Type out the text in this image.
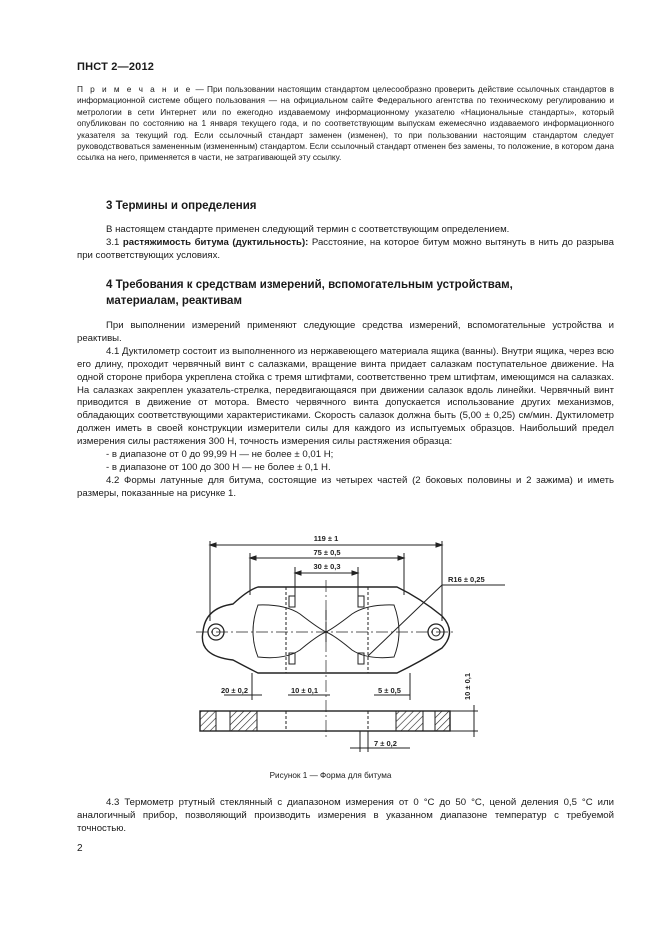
ПНСТ 2—2012
П р и м е ч а н и е — При пользовании настоящим стандартом целесообразно проверить действие ссылочных стандартов в информационной системе общего пользования — на официальном сайте Федерального агентства по техническому регулированию и метрологии в сети Интернет или по ежегодно издаваемому информационному указателю «Национальные стандарты», который опубликован по состоянию на 1 января текущего года, и по соответствующим выпускам ежемесячно издаваемого информационного указателя за текущий год. Если ссылочный стандарт заменен (изменен), то при пользовании настоящим стандартом следует руководствоваться замененным (измененным) стандартом. Если ссылочный стандарт отменен без замены, то положение, в котором дана ссылка на него, применяется в части, не затрагивающей эту ссылку.
3 Термины и определения

В настоящем стандарте применен следующий термин с соответствующим определением.

3.1 растяжимость битума (дуктильность): Расстояние, на которое битум можно вытянуть в нить до разрыва при соответствующих условиях.

4 Требования к средствам измерений, вспомогательным устройствам,
материалам, реактивам

При выполнении измерений применяют следующие средства измерений, вспомогательные устройства и реактивы.

4.1 Дуктилометр состоит из выполненного из нержавеющего материала ящика (ванны). Внутри ящика, через всю его длину, проходит червячный винт с салазками, вращение винта придает салазкам поступательное движение. На одной стороне прибора укреплена стойка с тремя штифтами, соответственно трем штифтам, имеющимся на салазках. На салазках закреплен указатель-стрелка, передвигающаяся при движении салазок вдоль линейки. Червячный винт приводится в движение от мотора. Вместо червячного винта допускается использование других механизмов, обладающих соответствующими характеристиками. Скорость салазок должна быть (5,00 ± 0,25) см/мин. Дуктилометр должен иметь в своей конструкции измерители силы для каждого из испытуемых образцов. Наибольший предел измерения силы растяжения 300 Н, точность измерения силы растяжения образца:

- в диапазоне от 0 до 99,99 Н — не более ± 0,01 Н;

- в диапазоне от 100 до 300 Н — не более ± 0,1 Н.

4.2 Формы латунные для битума, состоящие из четырех частей (2 боковых половины и 2 зажима) и иметь размеры, показанные на рисунке 1.

119 ± 1
75 ± 0,5
30 ± 0,3
R16 ± 0,25
20 ± 0,2	10 ± 0,1	5 ± 0,5
7 ± 0,2
10 ± 0,1
Рисунок 1 — Форма для битума

4.3 Термометр ртутный стеклянный с диапазоном измерения от 0 °С до 50 °С, ценой деления 0,5 °С или аналогичный прибор, позволяющий производить измерения в указанном диапазоне температур с требуемой точностью.

2
